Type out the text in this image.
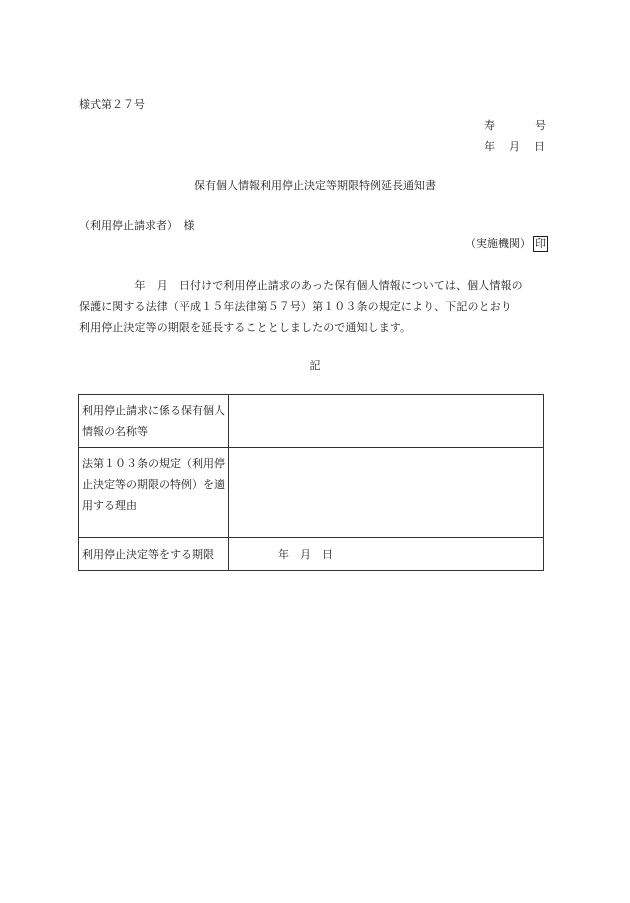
様式第２７号
寿	号
年 月 日
保有個人情報利用停止決定等期限特例延長通知書
（利用停止請求者）　様
（実施機関） 印

　　　　　年　月　日付けで利用停止請求のあった保有個人情報については、個人情報の

保護に関する法律（平成１５年法律第５７号）第１０３条の規定により、下記のとおり

利用停止決定等の期限を延長することとしましたので通知します。

記
利用停止請求に係る保有個人情報の名称等	
法第１０３条の規定（利用停止決定等の期限の特例）を適用する理由	
利用停止決定等をする期限	年　月　日
